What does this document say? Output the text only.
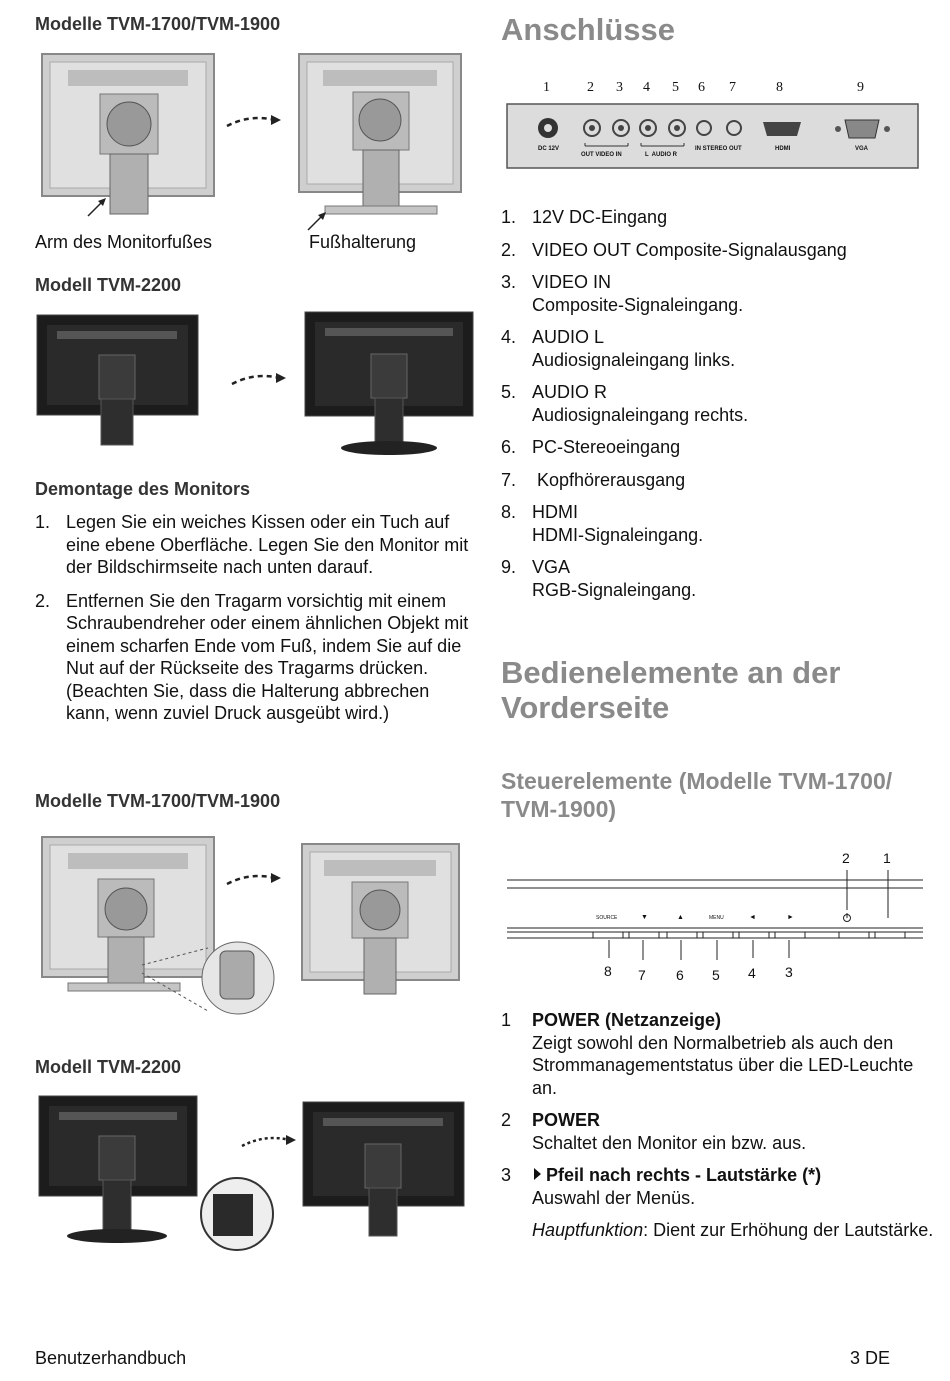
Modelle TVM-1700/TVM-1900
Arm des Monitorfußes	Fußhalterung
Modell TVM-2200
Demontage des Monitors
1. Legen Sie ein weiches Kissen oder ein Tuch auf eine ebene Oberfläche. Legen Sie den Monitor mit der Bildschirmseite nach unten darauf.
2. Entfernen Sie den Tragarm vorsichtig mit einem Schraubendreher oder einem ähnlichen Objekt mit einem scharfen Ende vom Fuß, indem Sie auf die Nut auf der Rückseite des Tragarms drücken. (Beachten Sie, dass die Halterung abbrechen kann, wenn zuviel Druck ausgeübt wird.)
Modelle TVM-1700/TVM-1900
Modell TVM-2200
Anschlüsse
1	2 3 4 5 6 7	8	9
DC 12V
OUT VIDEO IN	L  AUDIO R
IN STEREO OUT	HDMI	VGA
1. 12V DC-Eingang
2. VIDEO OUT Composite-Signalausgang
3. VIDEO IN
Composite-Signaleingang.
4. AUDIO L
Audiosignaleingang links.
5. AUDIO R
Audiosignaleingang rechts.
6. PC-Stereoeingang
7. Kopfhörerausgang
8. HDMI
HDMI-Signaleingang.
9. VGA
RGB-Signaleingang.
Bedienelemente an der Vorderseite
Steuerelemente (Modelle TVM-1700/ TVM-1900)
2 1
SOURCE	▼	▲	MENU	◄	►
8 7 6 5 4 3
1 POWER (Netzanzeige)
Zeigt sowohl den Normalbetrieb als auch den Strommanagementstatus über die LED-Leuchte an.
2 POWER
Schaltet den Monitor ein bzw. aus.
3	Pfeil nach rechts - Lautstärke (*)
Auswahl der Menüs.
Hauptfunktion: Dient zur Erhöhung der Lautstärke.
Benutzerhandbuch	3 DE
